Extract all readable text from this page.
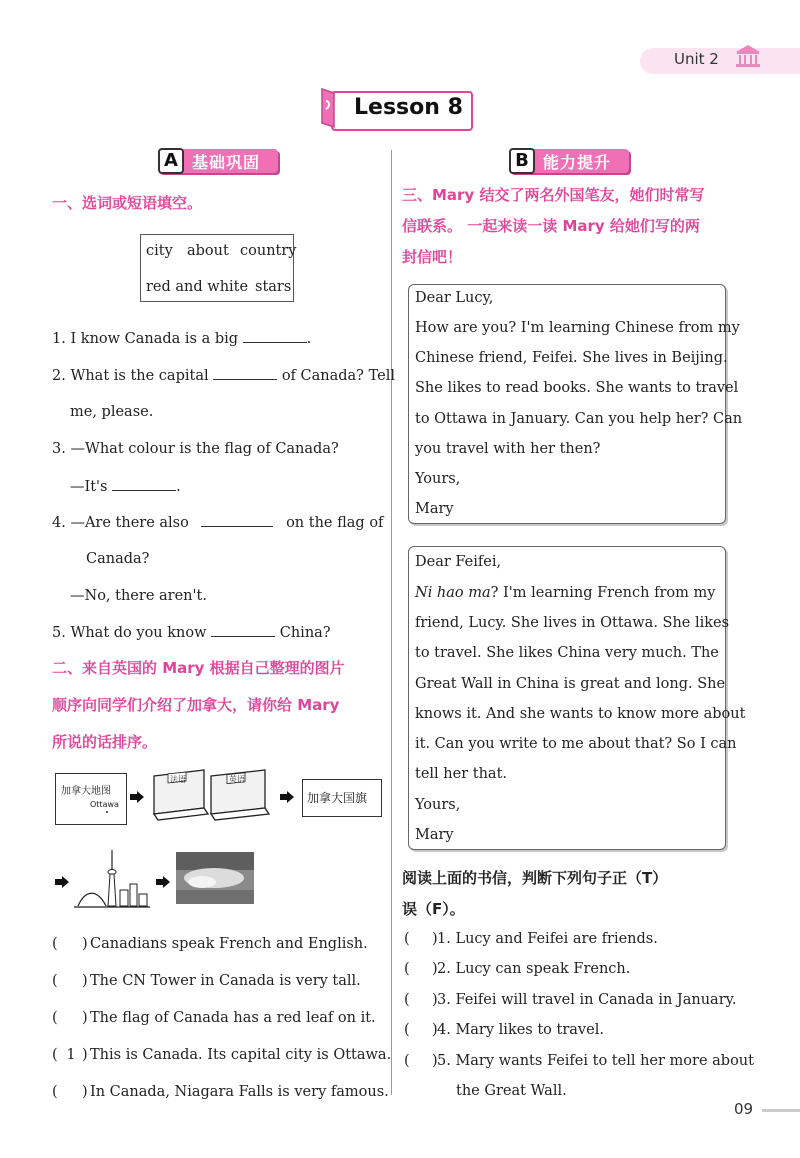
Unit 2
Lesson 8
A 基础巩固	B 能力提升
一、选词或短语填空。
city about country
red and white stars
1. I know Canada is a big	.
2. What is the capital	of Canada? Tell
me, please.
3. —What colour is the flag of Canada?
—It's	.
4. —Are there also	on the flag of
Canada?
—No, there aren't.
5. What do you know	China?
二、来自英国的 Mary 根据自己整理的图片
顺序向同学们介绍了加拿大，请你给 Mary
所说的话排序。
加拿大地图
Ottawa
法语	英语
加拿大国旗
( ) Canadians speak French and English.
( ) The CN Tower in Canada is very tall.
( ) The flag of Canada has a red leaf on it.
( 1 ) This is Canada. Its capital city is Ottawa.
( ) In Canada, Niagara Falls is very famous.
三、Mary 结交了两名外国笔友，她们时常写
信联系。 一起来读一读 Mary 给她们写的两
封信吧！
Dear Lucy,
How are you? I'm learning Chinese from my
Chinese friend, Feifei. She lives in Beijing.
She likes to read books. She wants to travel
to Ottawa in January. Can you help her? Can
you travel with her then?
Yours,
Mary
Dear Feifei,
Ni hao ma? I'm learning French from my
friend, Lucy. She lives in Ottawa. She likes
to travel. She likes China very much. The
Great Wall in China is great and long. She
knows it. And she wants to know more about
it. Can you write to me about that? So I can
tell her that.
Yours,
Mary
阅读上面的书信，判断下列句子正（T）
误（F）。
( ) 1. Lucy and Feifei are friends.
( ) 2. Lucy can speak French.
( ) 3. Feifei will travel in Canada in January.
( ) 4. Mary likes to travel.
( ) 5. Mary wants Feifei to tell her more about
the Great Wall.
09
